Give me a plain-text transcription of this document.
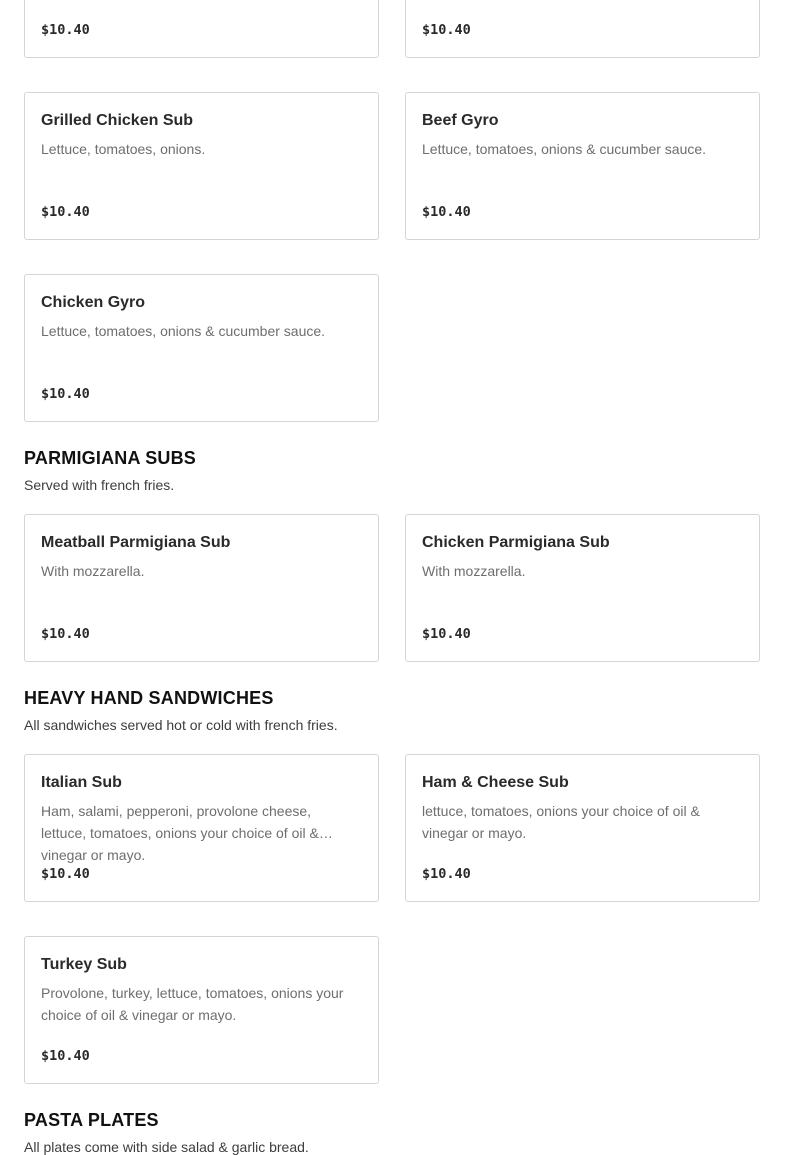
$10.40	$10.40
Grilled Chicken Sub
Lettuce, tomatoes, onions.
$10.40
Beef Gyro
Lettuce, tomatoes, onions & cucumber sauce.
$10.40
Chicken Gyro
Lettuce, tomatoes, onions & cucumber sauce.
$10.40
PARMIGIANA SUBS

Served with french fries.

Meatball Parmigiana Sub
With mozzarella.
$10.40
Chicken Parmigiana Sub
With mozzarella.
$10.40
HEAVY HAND SANDWICHES

All sandwiches served hot or cold with french fries.

Italian Sub
Ham, salami, pepperoni, provolone cheese, lettuce, tomatoes, onions your choice of oil & vinegar or mayo.
$10.40
Ham & Cheese Sub
lettuce, tomatoes, onions your choice of oil & vinegar or mayo.
$10.40
Turkey Sub
Provolone, turkey, lettuce, tomatoes, onions your choice of oil & vinegar or mayo.
$10.40
PASTA PLATES

All plates come with side salad & garlic bread.
